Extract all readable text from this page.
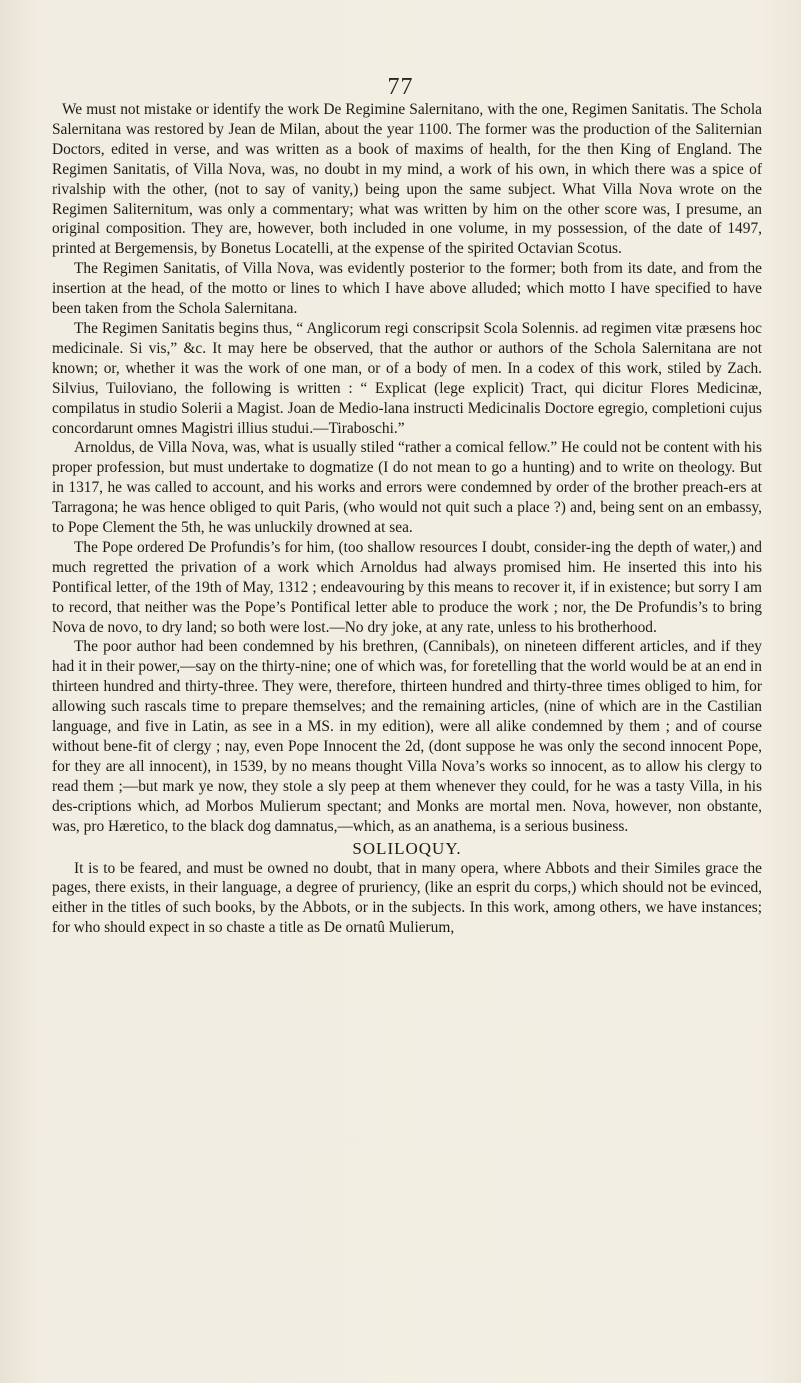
77

We must not mistake or identify the work De Regimine Salernitano, with the one, Regimen Sanitatis. The Schola Salernitana was restored by Jean de Milan, about the year 1100. The former was the production of the Saliternian Doctors, edited in verse, and was written as a book of maxims of health, for the then King of England. The Regimen Sanitatis, of Villa Nova, was, no doubt in my mind, a work of his own, in which there was a spice of rivalship with the other, (not to say of vanity,) being upon the same subject. What Villa Nova wrote on the Regimen Saliternitum, was only a commentary; what was written by him on the other score was, I presume, an original composition. They are, however, both included in one volume, in my possession, of the date of 1497, printed at Bergemensis, by Bonetus Locatelli, at the expense of the spirited Octavian Scotus.

The Regimen Sanitatis, of Villa Nova, was evidently posterior to the former; both from its date, and from the insertion at the head, of the motto or lines to which I have above alluded; which motto I have specified to have been taken from the Schola Salernitana.

The Regimen Sanitatis begins thus, “ Anglicorum regi conscripsit Scola Solennis. ad regimen vitæ præsens hoc medicinale. Si vis,” &c. It may here be observed, that the author or authors of the Schola Salernitana are not known; or, whether it was the work of one man, or of a body of men. In a codex of this work, stiled by Zach. Silvius, Tuiloviano, the following is written : “ Explicat (lege explicit) Tract, qui dicitur Flores Medicinæ, compilatus in studio Solerii a Magist. Joan de Medio-lana instructi Medicinalis Doctore egregio, completioni cujus concordarunt omnes Magistri illius studui.—Tiraboschi.”

Arnoldus, de Villa Nova, was, what is usually stiled “rather a comical fellow.” He could not be content with his proper profession, but must undertake to dogmatize (I do not mean to go a hunting) and to write on theology. But in 1317, he was called to account, and his works and errors were condemned by order of the brother preach-ers at Tarragona; he was hence obliged to quit Paris, (who would not quit such a place ?) and, being sent on an embassy, to Pope Clement the 5th, he was unluckily drowned at sea.

The Pope ordered De Profundis’s for him, (too shallow resources I doubt, consider-ing the depth of water,) and much regretted the privation of a work which Arnoldus had always promised him. He inserted this into his Pontifical letter, of the 19th of May, 1312 ; endeavouring by this means to recover it, if in existence; but sorry I am to record, that neither was the Pope’s Pontifical letter able to produce the work ; nor, the De Profundis’s to bring Nova de novo, to dry land; so both were lost.—No dry joke, at any rate, unless to his brotherhood.

The poor author had been condemned by his brethren, (Cannibals), on nineteen different articles, and if they had it in their power,—say on the thirty-nine; one of which was, for foretelling that the world would be at an end in thirteen hundred and thirty-three. They were, therefore, thirteen hundred and thirty-three times obliged to him, for allowing such rascals time to prepare themselves; and the remaining articles, (nine of which are in the Castilian language, and five in Latin, as see in a MS. in my edition), were all alike condemned by them ; and of course without bene-fit of clergy ; nay, even Pope Innocent the 2d, (dont suppose he was only the second innocent Pope, for they are all innocent), in 1539, by no means thought Villa Nova’s works so innocent, as to allow his clergy to read them ;—but mark ye now, they stole a sly peep at them whenever they could, for he was a tasty Villa, in his des-criptions which, ad Morbos Mulierum spectant; and Monks are mortal men. Nova, however, non obstante, was, pro Hæretico, to the black dog damnatus,—which, as an anathema, is a serious business.

SOLILOQUY.

It is to be feared, and must be owned no doubt, that in many opera, where Abbots and their Similes grace the pages, there exists, in their language, a degree of pruriency, (like an esprit du corps,) which should not be evinced, either in the titles of such books, by the Abbots, or in the subjects. In this work, among others, we have instances; for who should expect in so chaste a title as De ornatû Mulierum,
